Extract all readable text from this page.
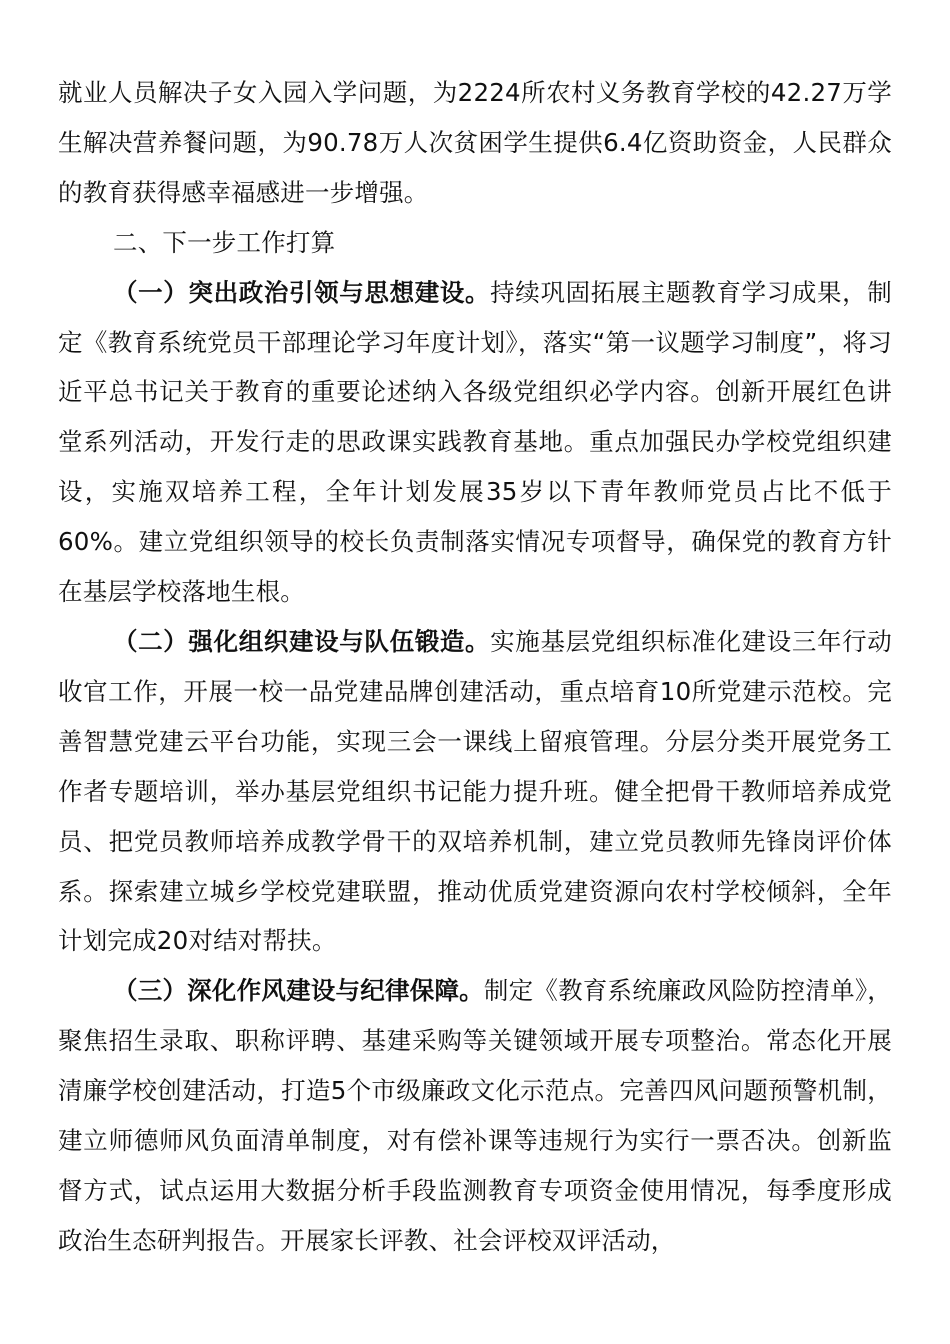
就业人员解决子女入园入学问题，为2224所农村义务教育学校的42.27万学生解决营养餐问题，为90.78万人次贫困学生提供6.4亿资助资金，人民群众的教育获得感幸福感进一步增强。

二、下一步工作打算

（一）突出政治引领与思想建设。持续巩固拓展主题教育学习成果，制定《教育系统党员干部理论学习年度计划》，落实“第一议题学习制度”，将习近平总书记关于教育的重要论述纳入各级党组织必学内容。创新开展红色讲堂系列活动，开发行走的思政课实践教育基地。重点加强民办学校党组织建设，实施双培养工程，全年计划发展35岁以下青年教师党员占比不低于60%。建立党组织领导的校长负责制落实情况专项督导，确保党的教育方针在基层学校落地生根。

（二）强化组织建设与队伍锻造。实施基层党组织标准化建设三年行动收官工作，开展一校一品党建品牌创建活动，重点培育10所党建示范校。完善智慧党建云平台功能，实现三会一课线上留痕管理。分层分类开展党务工作者专题培训，举办基层党组织书记能力提升班。健全把骨干教师培养成党员、把党员教师培养成教学骨干的双培养机制，建立党员教师先锋岗评价体系。探索建立城乡学校党建联盟，推动优质党建资源向农村学校倾斜，全年计划完成20对结对帮扶。

（三）深化作风建设与纪律保障。制定《教育系统廉政风险防控清单》，聚焦招生录取、职称评聘、基建采购等关键领域开展专项整治。常态化开展清廉学校创建活动，打造5个市级廉政文化示范点。完善四风问题预警机制，建立师德师风负面清单制度，对有偿补课等违规行为实行一票否决。创新监督方式，试点运用大数据分析手段监测教育专项资金使用情况，每季度形成政治生态研判报告。开展家长评教、社会评校双评活动，
